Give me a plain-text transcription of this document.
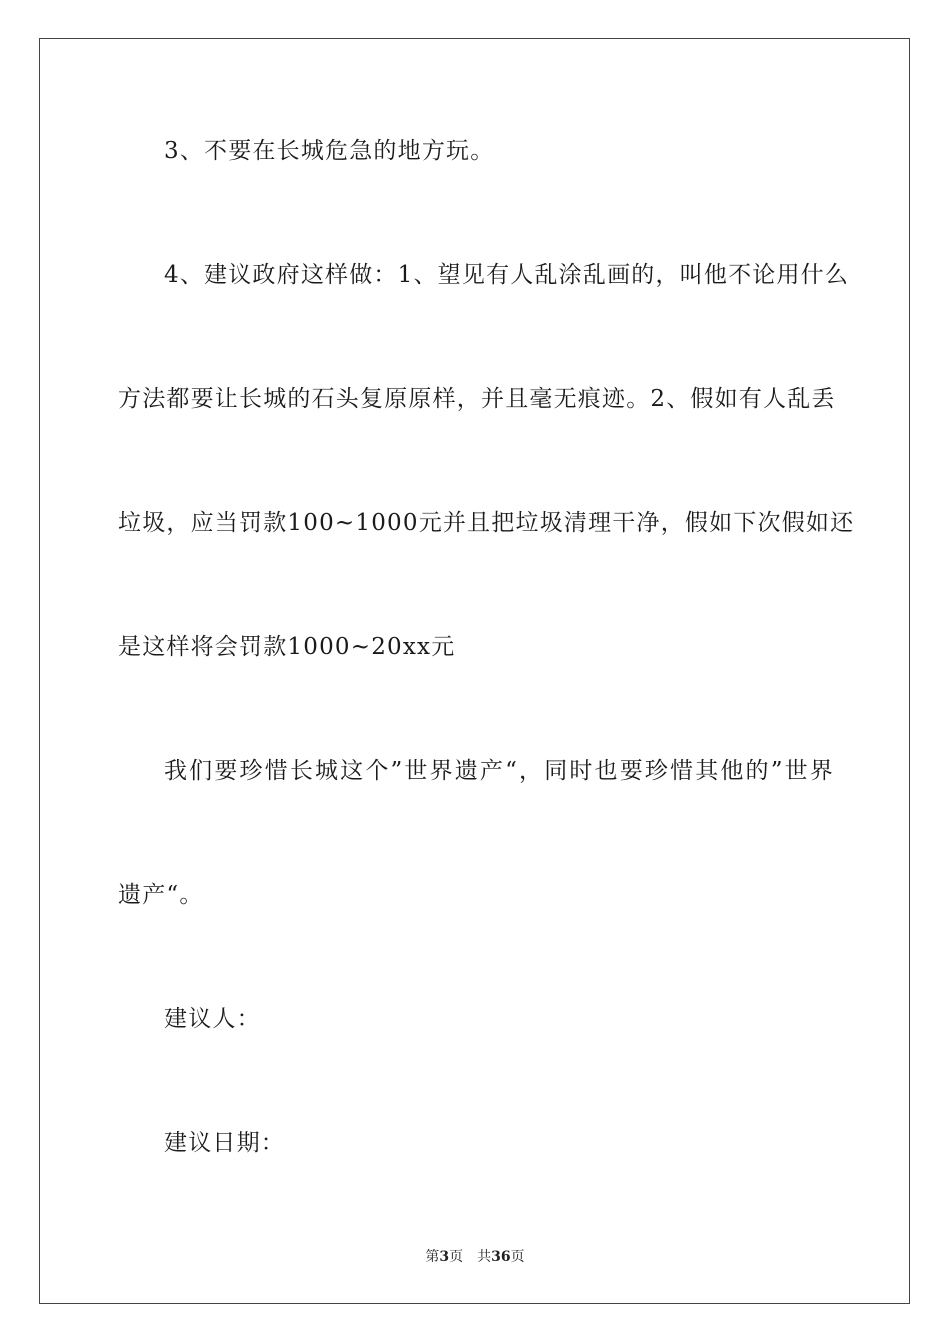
3、不要在长城危急的地方玩。
4、建议政府这样做：1、望见有人乱涂乱画的，叫他不论用什么
方法都要让长城的石头复原原样，并且毫无痕迹。2、假如有人乱丢
垃圾，应当罚款100~1000元并且把垃圾清理干净，假如下次假如还
是这样将会罚款1000~20xx元
我们要珍惜长城这个”世界遗产“，同时也要珍惜其他的”世界
遗产“。
建议人：
建议日期：
第3页 共36页
